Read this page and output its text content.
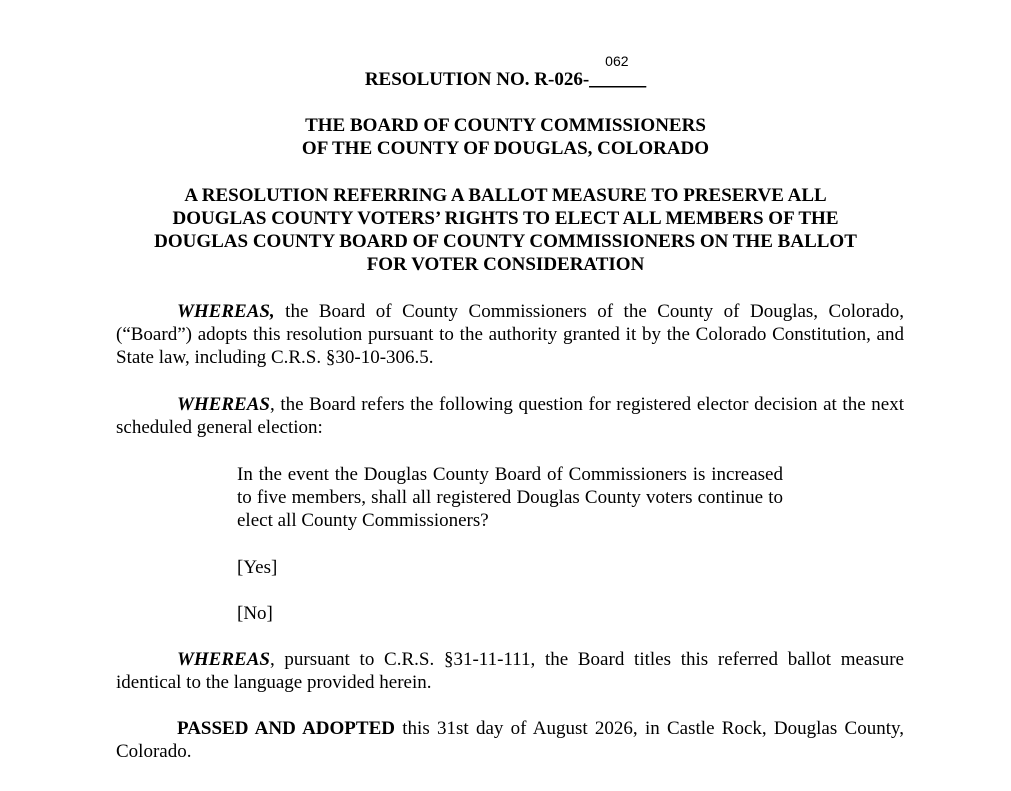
RESOLUTION NO. R-026-______
062

THE BOARD OF COUNTY COMMISSIONERS
OF THE COUNTY OF DOUGLAS, COLORADO

A RESOLUTION REFERRING A BALLOT MEASURE TO PRESERVE ALL
DOUGLAS COUNTY VOTERS’ RIGHTS TO ELECT ALL MEMBERS OF THE
DOUGLAS COUNTY BOARD OF COUNTY COMMISSIONERS ON THE BALLOT
FOR VOTER CONSIDERATION

WHEREAS, the Board of County Commissioners of the County of Douglas, Colorado, (“Board”) adopts this resolution pursuant to the authority granted it by the Colorado Constitution, and State law, including C.R.S. §30-10-306.5.

WHEREAS, the Board refers the following question for registered elector decision at the next scheduled general election:

In the event the Douglas County Board of Commissioners is increased to five members, shall all registered Douglas County voters continue to elect all County Commissioners?

[Yes]

[No]

WHEREAS, pursuant to C.R.S. §31-11-111, the Board titles this referred ballot measure identical to the language provided herein.

PASSED AND ADOPTED this 31st day of August 2026, in Castle Rock, Douglas County, Colorado.
